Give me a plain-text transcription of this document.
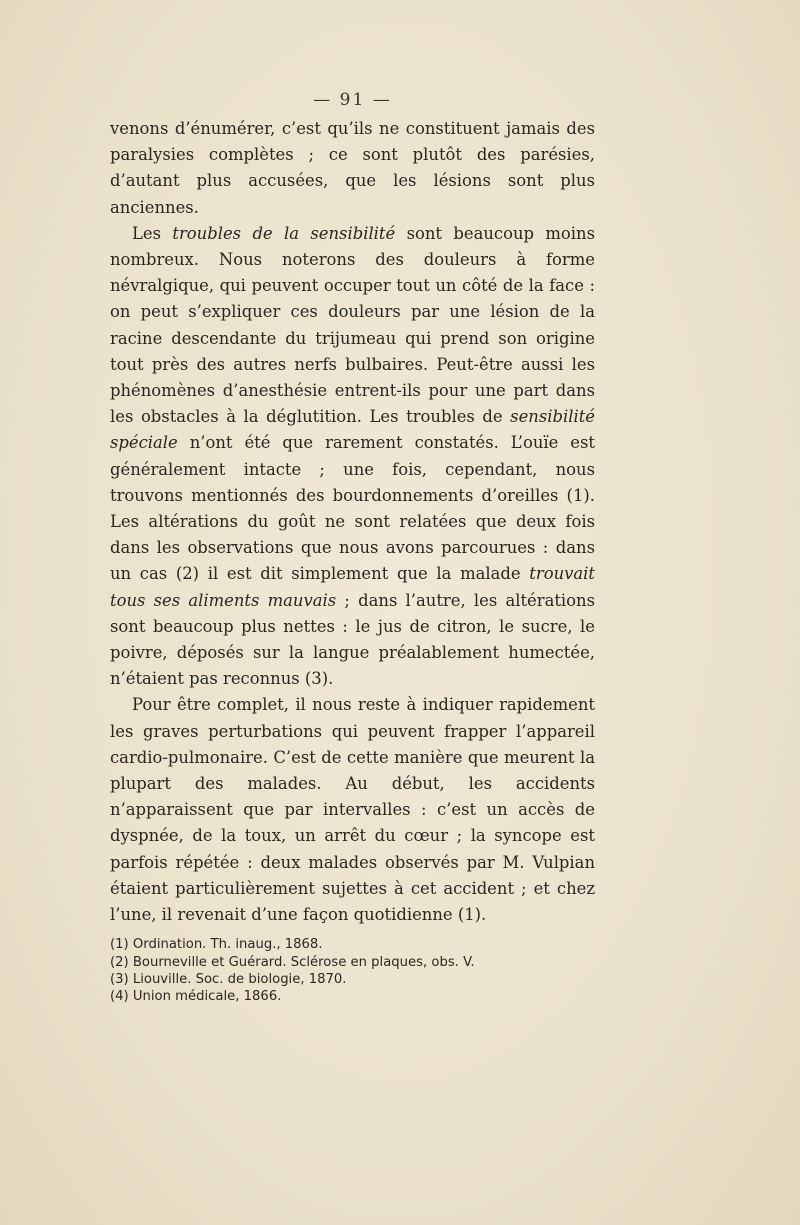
— 91 —

venons d’énumérer, c’est qu’ils ne constituent jamais des paralysies complètes ; ce sont plutôt des parésies, d’autant plus accusées, que les lésions sont plus anciennes.

Les troubles de la sensibilité sont beaucoup moins nombreux. Nous noterons des douleurs à forme névralgique, qui peuvent occuper tout un côté de la face : on peut s’expliquer ces douleurs par une lésion de la racine descendante du trijumeau qui prend son origine tout près des autres nerfs bulbaires. Peut-être aussi les phénomènes d’anesthésie entrent-ils pour une part dans les obstacles à la déglutition. Les troubles de sensibilité spéciale n’ont été que rarement constatés. L’ouïe est généralement intacte ; une fois, cependant, nous trouvons mentionnés des bourdonnements d’oreilles (1). Les altérations du goût ne sont relatées que deux fois dans les observations que nous avons parcourues : dans un cas (2) il est dit simplement que la malade trouvait tous ses aliments mauvais ; dans l’autre, les altérations sont beaucoup plus nettes : le jus de citron, le sucre, le poivre, déposés sur la langue préalablement humectée, n’étaient pas reconnus (3).

Pour être complet, il nous reste à indiquer rapidement les graves perturbations qui peuvent frapper l’appareil cardio-pulmonaire. C’est de cette manière que meurent la plupart des malades. Au début, les accidents n’apparaissent que par intervalles : c’est un accès de dyspnée, de la toux, un arrêt du cœur ; la syncope est parfois répétée : deux malades observés par M. Vulpian étaient particulièrement sujettes à cet accident ; et chez l’une, il revenait d’une façon quotidienne (1).

(1) Ordination. Th. inaug., 1868.

(2) Bourneville et Guérard. Sclérose en plaques, obs. V.

(3) Liouville. Soc. de biologie, 1870.

(4) Union médicale, 1866.
